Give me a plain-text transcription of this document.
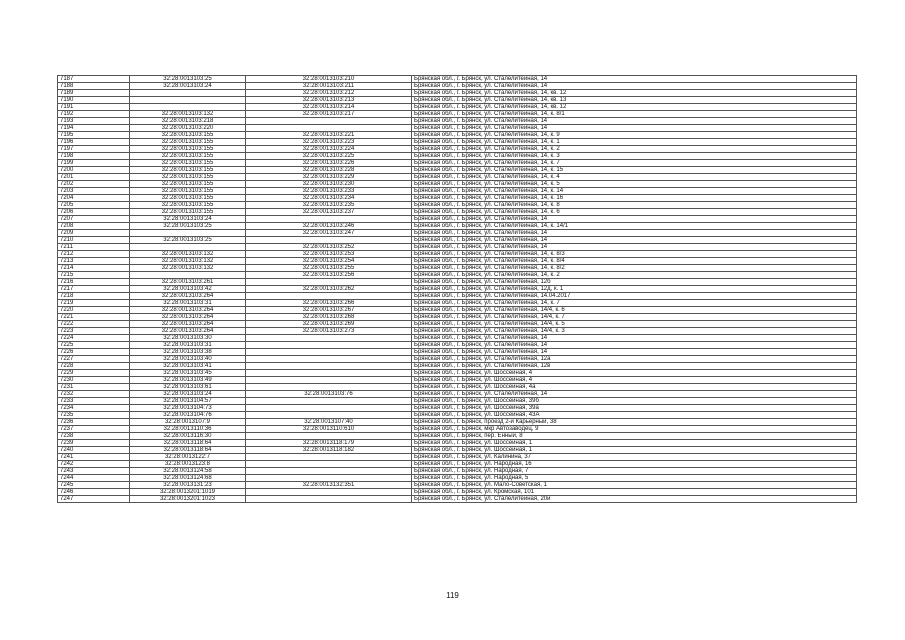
7187	32:28:0013103:25	32:28:0013103:210	Брянская обл., г. Брянск, ул. Сталелитейная, 14
7188	32:28:0013103:24	32:28:0013103:211	Брянская обл., г. Брянск, ул. Сталелитейная, 14
7189		32:28:0013103:212	Брянская обл., г. Брянск, ул. Сталелитейная, 14, кв. 12
7190		32:28:0013103:213	Брянская обл., г. Брянск, ул. Сталелитейная, 14, кв. 13
7191		32:28:0013103:214	Брянская обл., г. Брянск, ул. Сталелитейная, 14, кв. 12
7192	32:28:0013103:132	32:28:0013103:217	Брянская обл., г. Брянск, ул. Сталелитейная, 14, к. 8/1
7193	32:28:0013103:218		Брянская обл., г. Брянск, ул. Сталелитейная, 14
7194	32:28:0013103:220		Брянская обл., г. Брянск, ул. Сталелитейная, 14
7195	32:28:0013103:155	32:28:0013103:221	Брянская обл., г. Брянск, ул. Сталелитейная, 14, к. 9
7196	32:28:0013103:155	32:28:0013103:223	Брянская обл., г. Брянск, ул. Сталелитейная, 14, к. 1
7197	32:28:0013103:155	32:28:0013103:224	Брянская обл., г. Брянск, ул. Сталелитейная, 14, к. 2
7198	32:28:0013103:155	32:28:0013103:225	Брянская обл., г. Брянск, ул. Сталелитейная, 14, к. 3
7199	32:28:0013103:155	32:28:0013103:226	Брянская обл., г. Брянск, ул. Сталелитейная, 14, к. 7
7200	32:28:0013103:155	32:28:0013103:228	Брянская обл., г. Брянск, ул. Сталелитейная, 14, к. 15
7201	32:28:0013103:155	32:28:0013103:229	Брянская обл., г. Брянск, ул. Сталелитейная, 14, к. 4
7202	32:28:0013103:155	32:28:0013103:230	Брянская обл., г. Брянск, ул. Сталелитейная, 14, к. 5
7203	32:28:0013103:155	32:28:0013103:233	Брянская обл., г. Брянск, ул. Сталелитейная, 14, к. 14
7204	32:28:0013103:155	32:28:0013103:234	Брянская обл., г. Брянск, ул. Сталелитейная, 14, к. 16
7205	32:28:0013103:155	32:28:0013103:235	Брянская обл., г. Брянск, ул. Сталелитейная, 14, к. 8
7206	32:28:0013103:155	32:28:0013103:237	Брянская обл., г. Брянск, ул. Сталелитейная, 14, к. 6
7207	32:28:0013103:24		Брянская обл., г. Брянск, ул. Сталелитейная, 14
7208	32:28:0013103:25	32:28:0013103:246	Брянская обл., г. Брянск, ул. Сталелитейная, 14, к. 14/1
7209		32:28:0013103:247	Брянская обл., г. Брянск, ул. Сталелитейная, 14
7210	32:28:0013103:25		Брянская обл., г. Брянск, ул. Сталелитейная, 14
7211		32:28:0013103:252	Брянская обл., г. Брянск, ул. Сталелитейная, 14
7212	32:28:0013103:132	32:28:0013103:253	Брянская обл., г. Брянск, ул. Сталелитейная, 14, к. 8/3
7213	32:28:0013103:132	32:28:0013103:254	Брянская обл., г. Брянск, ул. Сталелитейная, 14, к. 8/4
7214	32:28:0013103:132	32:28:0013103:255	Брянская обл., г. Брянск, ул. Сталелитейная, 14, к. 8/2
7215		32:28:0013103:256	Брянская обл., г. Брянск, ул. Сталелитейная, 14, к. 2
7216	32:28:0013103:261		Брянская обл., г. Брянск, ул. Сталелитейная, 12б
7217	32:28:0013103:42	32:28:0013103:262	Брянская обл., г. Брянск, ул. Сталелитейная, 12д, к. 1
7218	32:28:0013103:264		Брянская обл., г. Брянск, ул. Сталелитейная, 14.04.2017
7219	32:28:0013103:31	32:28:0013103:266	Брянская обл., г. Брянск, ул. Сталелитейная, 14, к. 7
7220	32:28:0013103:264	32:28:0013103:267	Брянская обл., г. Брянск, ул. Сталелитейная, 14/4, к. 6
7221	32:28:0013103:264	32:28:0013103:268	Брянская обл., г. Брянск, ул. Сталелитейная, 14/4, к. 7
7222	32:28:0013103:264	32:28:0013103:269	Брянская обл., г. Брянск, ул. Сталелитейная, 14/4, к. 5
7223	32:28:0013103:264	32:28:0013103:273	Брянская обл., г. Брянск, ул. Сталелитейная, 14/4, к. 3
7224	32:28:0013103:30		Брянская обл., г. Брянск, ул. Сталелитейная, 14
7225	32:28:0013103:31		Брянская обл., г. Брянск, ул. Сталелитейная, 14
7226	32:28:0013103:38		Брянская обл., г. Брянск, ул. Сталелитейная, 14
7227	32:28:0013103:40		Брянская обл., г. Брянск, ул. Сталелитейная, 12а
7228	32:28:0013103:41		Брянская обл., г. Брянск, ул. Сталелитейная, 12в
7229	32:28:0013103:45		Брянская обл., г. Брянск, ул. Шоссейная, 4
7230	32:28:0013103:49		Брянская обл., г. Брянск, ул. Шоссейная, 4
7231	32:28:0013103:61		Брянская обл., г. Брянск, ул. Шоссейная, 4а
7232	32:28:0013103:24	32:28:0013103:76	Брянская обл., г. Брянск, ул. Сталелитейная, 14
7233	32:28:0013104:57		Брянская обл., г. Брянск, ул. Шоссейная, 39б
7234	32:28:0013104:73		Брянская обл., г. Брянск, ул. Шоссейная, 39а
7235	32:28:0013104:76		Брянская обл., г. Брянск, ул. Шоссейная, 43А
7236	32:28:0013107:9	32:28:0013107:40	Брянская обл., г. Брянск, проезд 2-й Карьерный, 38
7237	32:28:0013110:36	32:28:0013110:610	Брянская обл., г. Брянск, мкр Автозаводец, 9
7238	32:28:0013116:30		Брянская обл., г. Брянск, пер. Енный, 8
7239	32:28:0013118:64	32:28:0013118:179	Брянская обл., г. Брянск, ул. Шоссейная, 1
7240	32:28:0013118:64	32:28:0013118:182	Брянская обл., г. Брянск, ул. Шоссейная, 1
7241	32:28:0013122:7		Брянская обл., г. Брянск, ул. Калинина, 37
7242	32:28:0013123:8		Брянская обл., г. Брянск, ул. Народная, 16
7243	32:28:0013124:58		Брянская обл., г. Брянск, ул. Народная, 7
7244	32:28:0013124:68		Брянская обл., г. Брянск, ул. Народная, 5
7245	32:28:0013131:23	32:28:0013132:351	Брянская обл., г. Брянск, ул. Мало-Советская, 1
7246	32:28:0013201:1019		Брянская обл., г. Брянск, ул. Кромская, 101
7247	32:28:0013201:1023		Брянская обл., г. Брянск, ул. Сталелитейная, 20и
119
